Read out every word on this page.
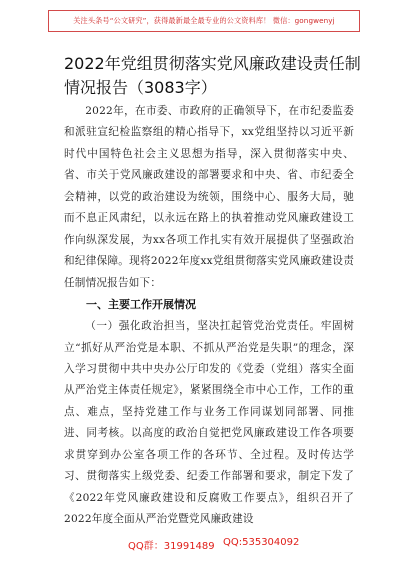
关注头条号“公文研究”，获得最新最全最专业的公文资料库！ 微信：gongwenyj
2022年党组贯彻落实党风廉政建设责任制情况报告（3083字）

2022年，在市委、市政府的正确领导下，在市纪委监委和派驻宣纪检监察组的精心指导下，xx党组坚持以习近平新时代中国特色社会主义思想为指导，深入贯彻落实中央、省、市关于党风廉政建设的部署要求和中央、省、市纪委全会精神，以党的政治建设为统领，围绕中心、服务大局，驰而不息正风肃纪，以永远在路上的执着推动党风廉政建设工作向纵深发展，为xx各项工作扎实有效开展提供了坚强政治和纪律保障。现将2022年度xx党组贯彻落实党风廉政建设责任制情况报告如下：

一、主要工作开展情况

（一）强化政治担当，坚决扛起管党治党责任。牢固树立“抓好从严治党是本职、不抓从严治党是失职”的理念，深入学习贯彻中共中央办公厅印发的《党委（党组）落实全面从严治党主体责任规定》，紧紧围绕全市中心工作，工作的重点、难点，坚持党建工作与业务工作同谋划同部署、同推进、同考核。以高度的政治自觉把党风廉政建设工作各项要求贯穿到办公室各项工作的各环节、全过程。及时传达学习、贯彻落实上级党委、纪委工作部署和要求，制定下发了《2022年党风廉政建设和反腐败工作要点》，组织召开了2022年度全面从严治党暨党风廉政建设

QQ群：31991489 QQ:535304092
